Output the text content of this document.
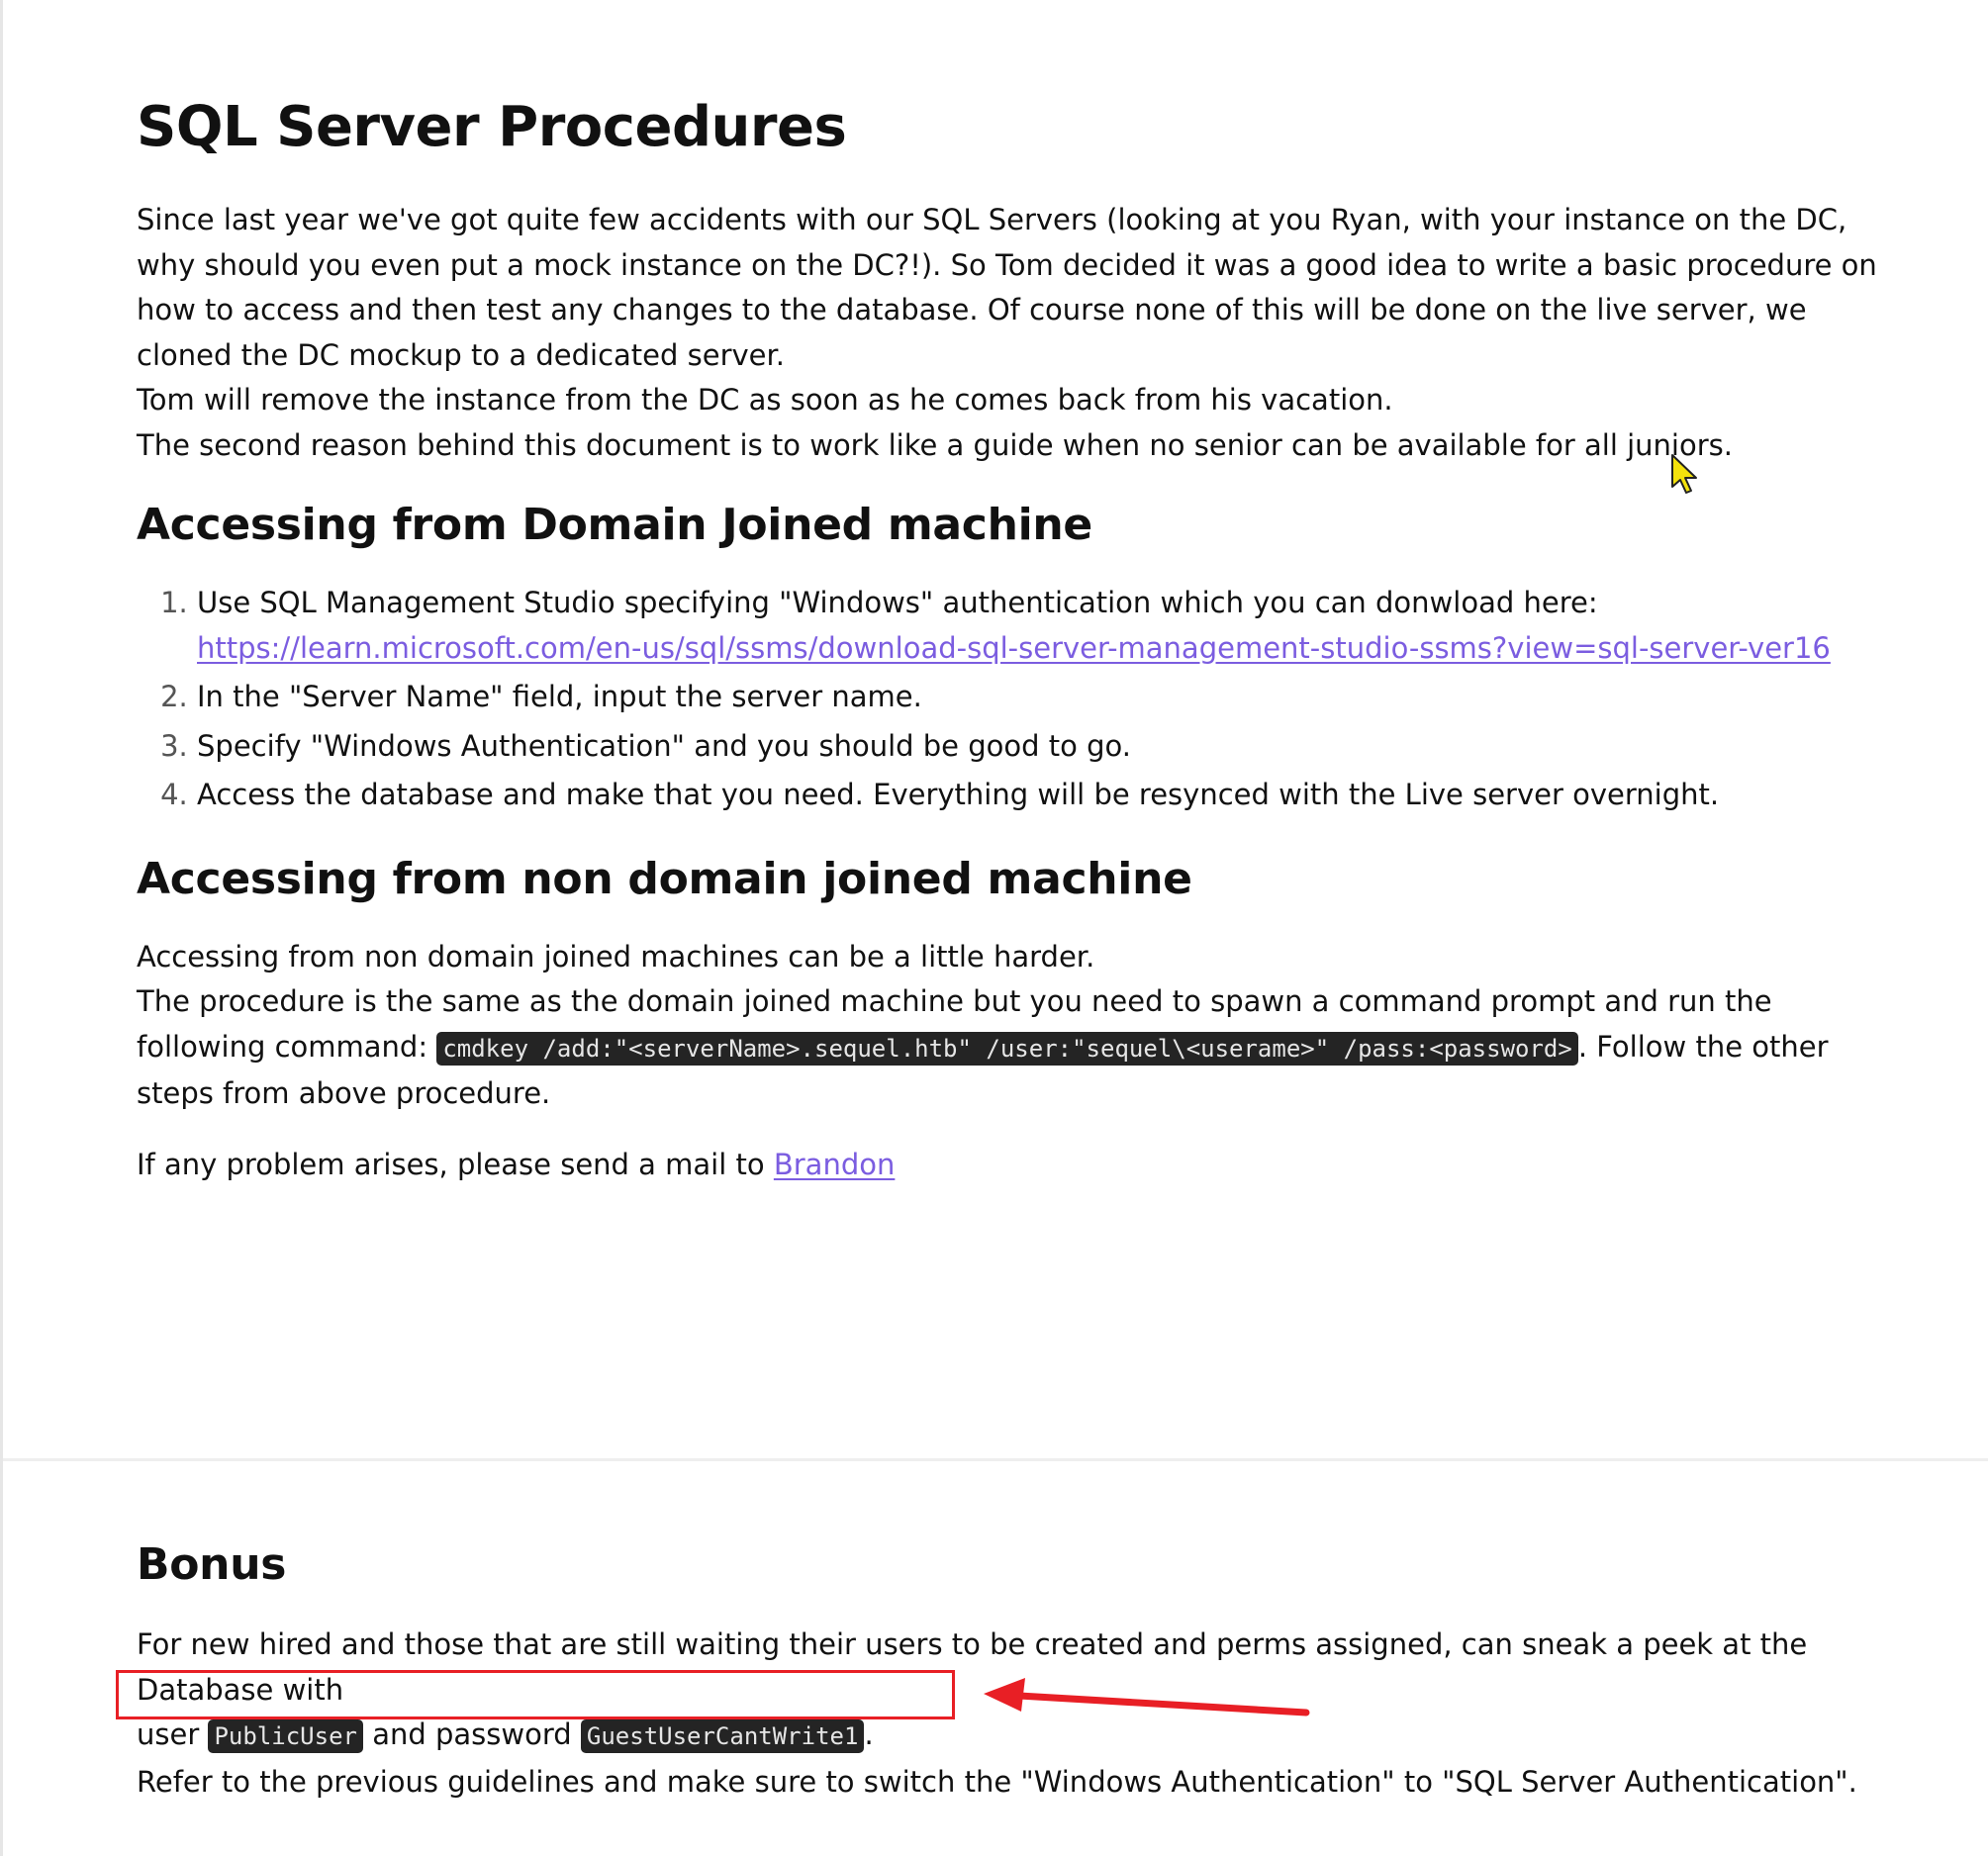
SQL Server Procedures

Since last year we've got quite few accidents with our SQL Servers (looking at you Ryan, with your instance on the DC, why should you even put a mock instance on the DC?!). So Tom decided it was a good idea to write a basic procedure on how to access and then test any changes to the database. Of course none of this will be done on the live server, we cloned the DC mockup to a dedicated server.
Tom will remove the instance from the DC as soon as he comes back from his vacation.
The second reason behind this document is to work like a guide when no senior can be available for all juniors.

Accessing from Domain Joined machine
1. Use SQL Management Studio specifying "Windows" authentication which you can donwload here:
https://learn.microsoft.com/en-us/sql/ssms/download-sql-server-management-studio-ssms?view=sql-server-ver16
2. In the "Server Name" field, input the server name.
3. Specify "Windows Authentication" and you should be good to go.
4. Access the database and make that you need. Everything will be resynced with the Live server overnight.
Accessing from non domain joined machine

Accessing from non domain joined machines can be a little harder.
The procedure is the same as the domain joined machine but you need to spawn a command prompt and run the following command: cmdkey /add:"<serverName>.sequel.htb" /user:"sequel\<userame>" /pass:<password> . Follow the other steps from above procedure.

If any problem arises, please send a mail to Brandon

Bonus

For new hired and those that are still waiting their users to be created and perms assigned, can sneak a peek at the Database with
user PublicUser and password GuestUserCantWrite1 .
Refer to the previous guidelines and make sure to switch the "Windows Authentication" to "SQL Server Authentication".
